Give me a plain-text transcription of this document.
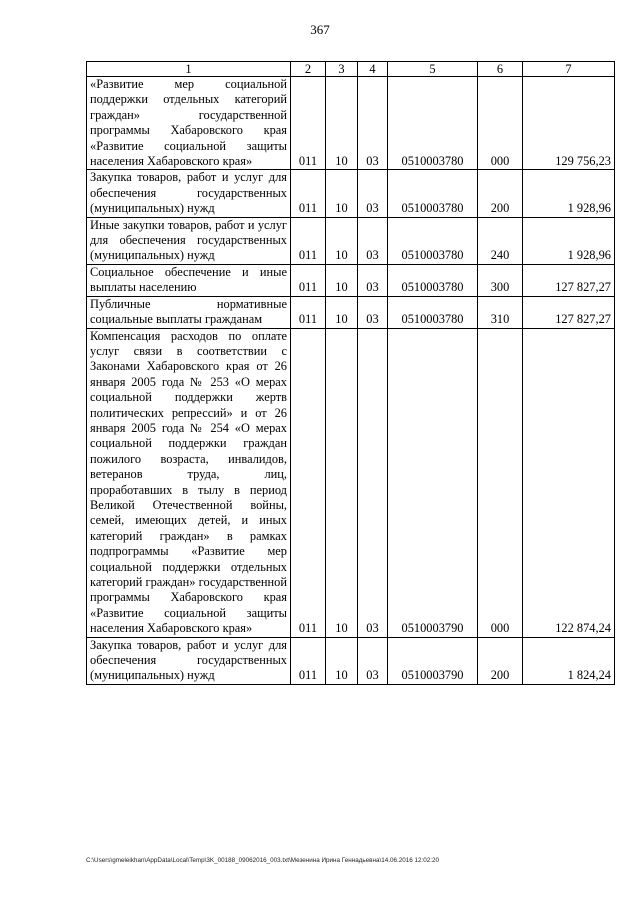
367
1	2	3	4	5	6	7
«Развитие мер социальной поддержки отдельных категорий граждан» государственной программы Хабаровского края «Развитие социальной защиты населения Хабаровского края»	011	10	03	0510003780	000	129 756,23
Закупка товаров, работ и услуг для обеспечения государственных (муниципальных) нужд	011	10	03	0510003780	200	1 928,96
Иные закупки товаров, работ и услуг для обеспечения государственных (муниципальных) нужд	011	10	03	0510003780	240	1 928,96
Социальное обеспечение и иные выплаты населению	011	10	03	0510003780	300	127 827,27
Публичные нормативные социальные выплаты гражданам	011	10	03	0510003780	310	127 827,27
Компенсация расходов по оплате услуг связи в соответствии с Законами Хабаровского края от 26 января 2005 года № 253 «О мерах социальной поддержки жертв политических репрессий» и от 26 января 2005 года № 254 «О мерах социальной поддержки граждан пожилого возраста, инвалидов, ветеранов труда, лиц, проработавших в тылу в период Великой Отечественной войны, семей, имеющих детей, и иных категорий граждан» в рамках подпрограммы «Развитие мер социальной поддержки отдельных категорий граждан» государственной программы Хабаровского края «Развитие социальной защиты населения Хабаровского края»	011	10	03	0510003790	000	122 874,24
Закупка товаров, работ и услуг для обеспечения государственных (муниципальных) нужд	011	10	03	0510003790	200	1 824,24
C:\Users\gmeleikhan\AppData\Local\Temp\3K_00188_09062016_003.txt\Мезенина Ирина Геннадьевна\14.06.2016 12:02:20
